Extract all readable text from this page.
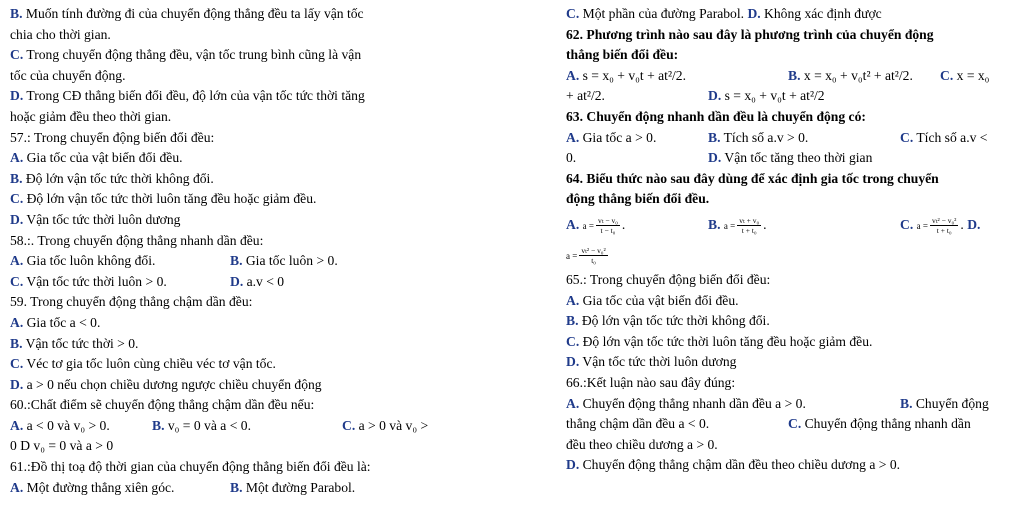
B. Muốn tính đường đi của chuyển động thẳng đều ta lấy vận tốc
chia cho thời gian.
C. Trong chuyển động thẳng đều, vận tốc trung bình cũng là vận
tốc của chuyển động.
D. Trong CĐ thẳng biến đổi đều, độ lớn của vận tốc tức thời tăng
hoặc giảm đều theo thời gian.
57.: Trong chuyển động biến đổi đều:
A. Gia tốc của vật biến đổi đều.
B. Độ lớn vận tốc tức thời không đổi.
C. Độ lớn vận tốc tức thời luôn tăng đều hoặc giảm đều.
D. Vận tốc tức thời luôn dương
58.:. Trong chuyển động thẳng nhanh dần đều:
A. Gia tốc luôn không đổi.	B. Gia tốc luôn > 0.
C. Vận tốc tức thời luôn > 0.	D. a.v < 0
59. Trong chuyển động thẳng chậm dần đều:
A. Gia tốc a < 0.
B. Vận tốc tức thời > 0.
C. Véc tơ gia tốc luôn cùng chiều véc tơ vận tốc.
D. a > 0 nếu chọn chiều dương ngược chiều chuyển động
60.:Chất điểm sẽ chuyển động thẳng chậm dần đều nếu:
A. a < 0 và v₀ > 0.	B. v₀ = 0 và a < 0.	C. a > 0 và v₀ >
0 D v₀ = 0 và a > 0
61.:Đồ thị toạ độ thời gian của chuyển động thẳng biến đổi đều là:
A. Một đường thẳng xiên góc.	B. Một đường Parabol.
C. Một phần của đường Parabol. D. Không xác định được
62. Phương trình nào sau đây là phương trình của chuyển động
thẳng biến đổi đều:
A. s = x₀ + v₀t + at²/2.	B. x = x₀ + v₀t² + at²/2. C. x = x₀
+ at²/2.	D. s = x₀ + v₀t + at²/2
63. Chuyển động nhanh dần đều là chuyển động có:
A. Gia tốc a > 0.	B. Tích số a.v > 0.	C. Tích số a.v <
0.	D. Vận tốc tăng theo thời gian
64. Biểu thức nào sau đây dùng để xác định gia tốc trong chuyển
động thẳng biến đổi đều.
A. $a = \frac{\text{vₜ − v₀}}{\text{t − t₀}}$ .	B. $a = \frac{\text{vₜ + v₀}}{\text{t + t₀}}$ .	C. $a = \frac{\text{vₜ² − v₀²}}{\text{t + t₀}}$ . D.
$a = \frac{\text{vₜ² − v₀²}}{\text{t₀}}$
65.: Trong chuyển động biến đổi đều:
A. Gia tốc của vật biến đổi đều.
B. Độ lớn vận tốc tức thời không đổi.
C. Độ lớn vận tốc tức thời luôn tăng đều hoặc giảm đều.
D. Vận tốc tức thời luôn dương
66.:Kết luận nào sau đây đúng:
A. Chuyển động thẳng nhanh dần đều a > 0.	B. Chuyển động
thẳng chậm dần đều a < 0.	C. Chuyển động thẳng nhanh dần
đều theo chiều dương a > 0.
D. Chuyển động thẳng chậm dần đều theo chiều dương a > 0.
